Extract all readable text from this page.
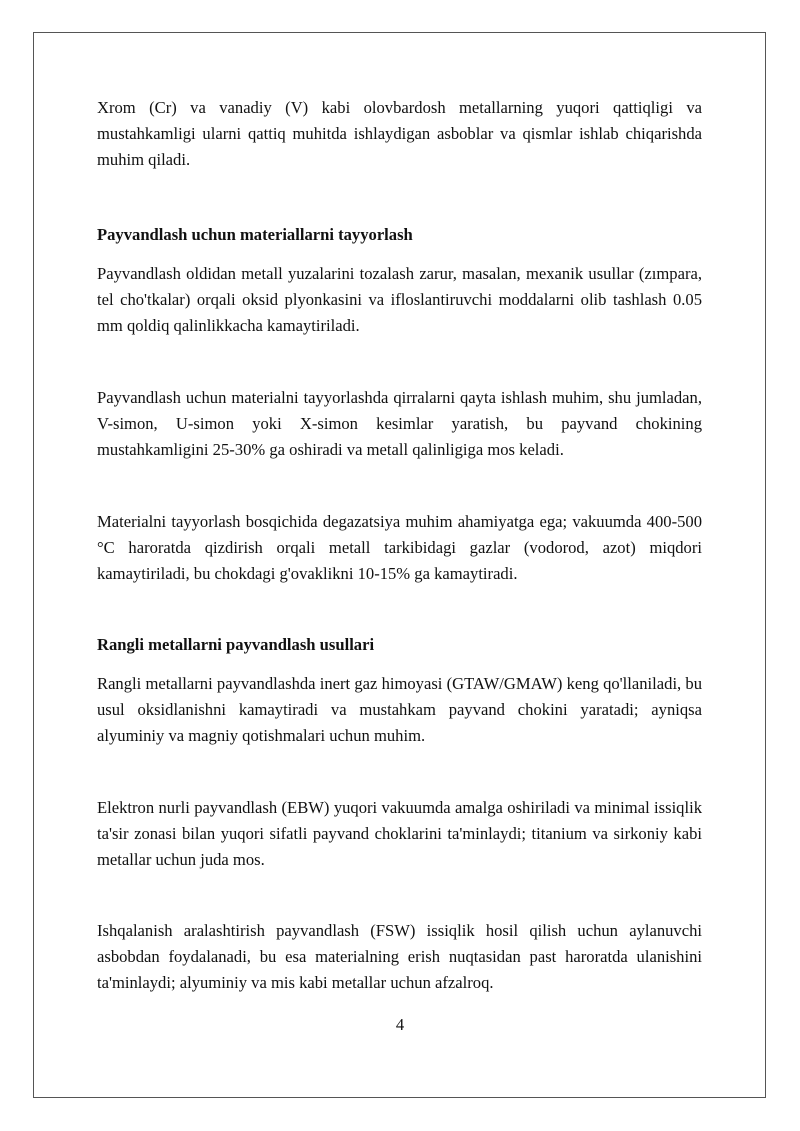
Xrom (Cr) va vanadiy (V) kabi olovbardosh metallarning yuqori qattiqligi va mustahkamligi ularni qattiq muhitda ishlaydigan asboblar va qismlar ishlab chiqarishda muhim qiladi.

Payvandlash uchun materiallarni tayyorlash

Payvandlash oldidan metall yuzalarini tozalash zarur, masalan, mexanik usullar (zımpara, tel cho'tkalar) orqali oksid plyonkasini va ifloslantiruvchi moddalarni olib tashlash 0.05 mm qoldiq qalinlikkacha kamaytiriladi.

Payvandlash uchun materialni tayyorlashda qirralarni qayta ishlash muhim, shu jumladan, V-simon, U-simon yoki X-simon kesimlar yaratish, bu payvand chokining mustahkamligini 25-30% ga oshiradi va metall qalinligiga mos keladi.

Materialni tayyorlash bosqichida degazatsiya muhim ahamiyatga ega; vakuumda 400-500 °C haroratda qizdirish orqali metall tarkibidagi gazlar (vodorod, azot) miqdori kamaytiriladi, bu chokdagi g'ovaklikni 10-15% ga kamaytiradi.

Rangli metallarni payvandlash usullari

Rangli metallarni payvandlashda inert gaz himoyasi (GTAW/GMAW) keng qo'llaniladi, bu usul oksidlanishni kamaytiradi va mustahkam payvand chokini yaratadi; ayniqsa alyuminiy va magniy qotishmalari uchun muhim.

Elektron nurli payvandlash (EBW) yuqori vakuumda amalga oshiriladi va minimal issiqlik ta'sir zonasi bilan yuqori sifatli payvand choklarini ta'minlaydi; titanium va sirkoniy kabi metallar uchun juda mos.

Ishqalanish aralashtirish payvandlash (FSW) issiqlik hosil qilish uchun aylanuvchi asbobdan foydalanadi, bu esa materialning erish nuqtasidan past haroratda ulanishini ta'minlaydi; alyuminiy va mis kabi metallar uchun afzalroq.

4
